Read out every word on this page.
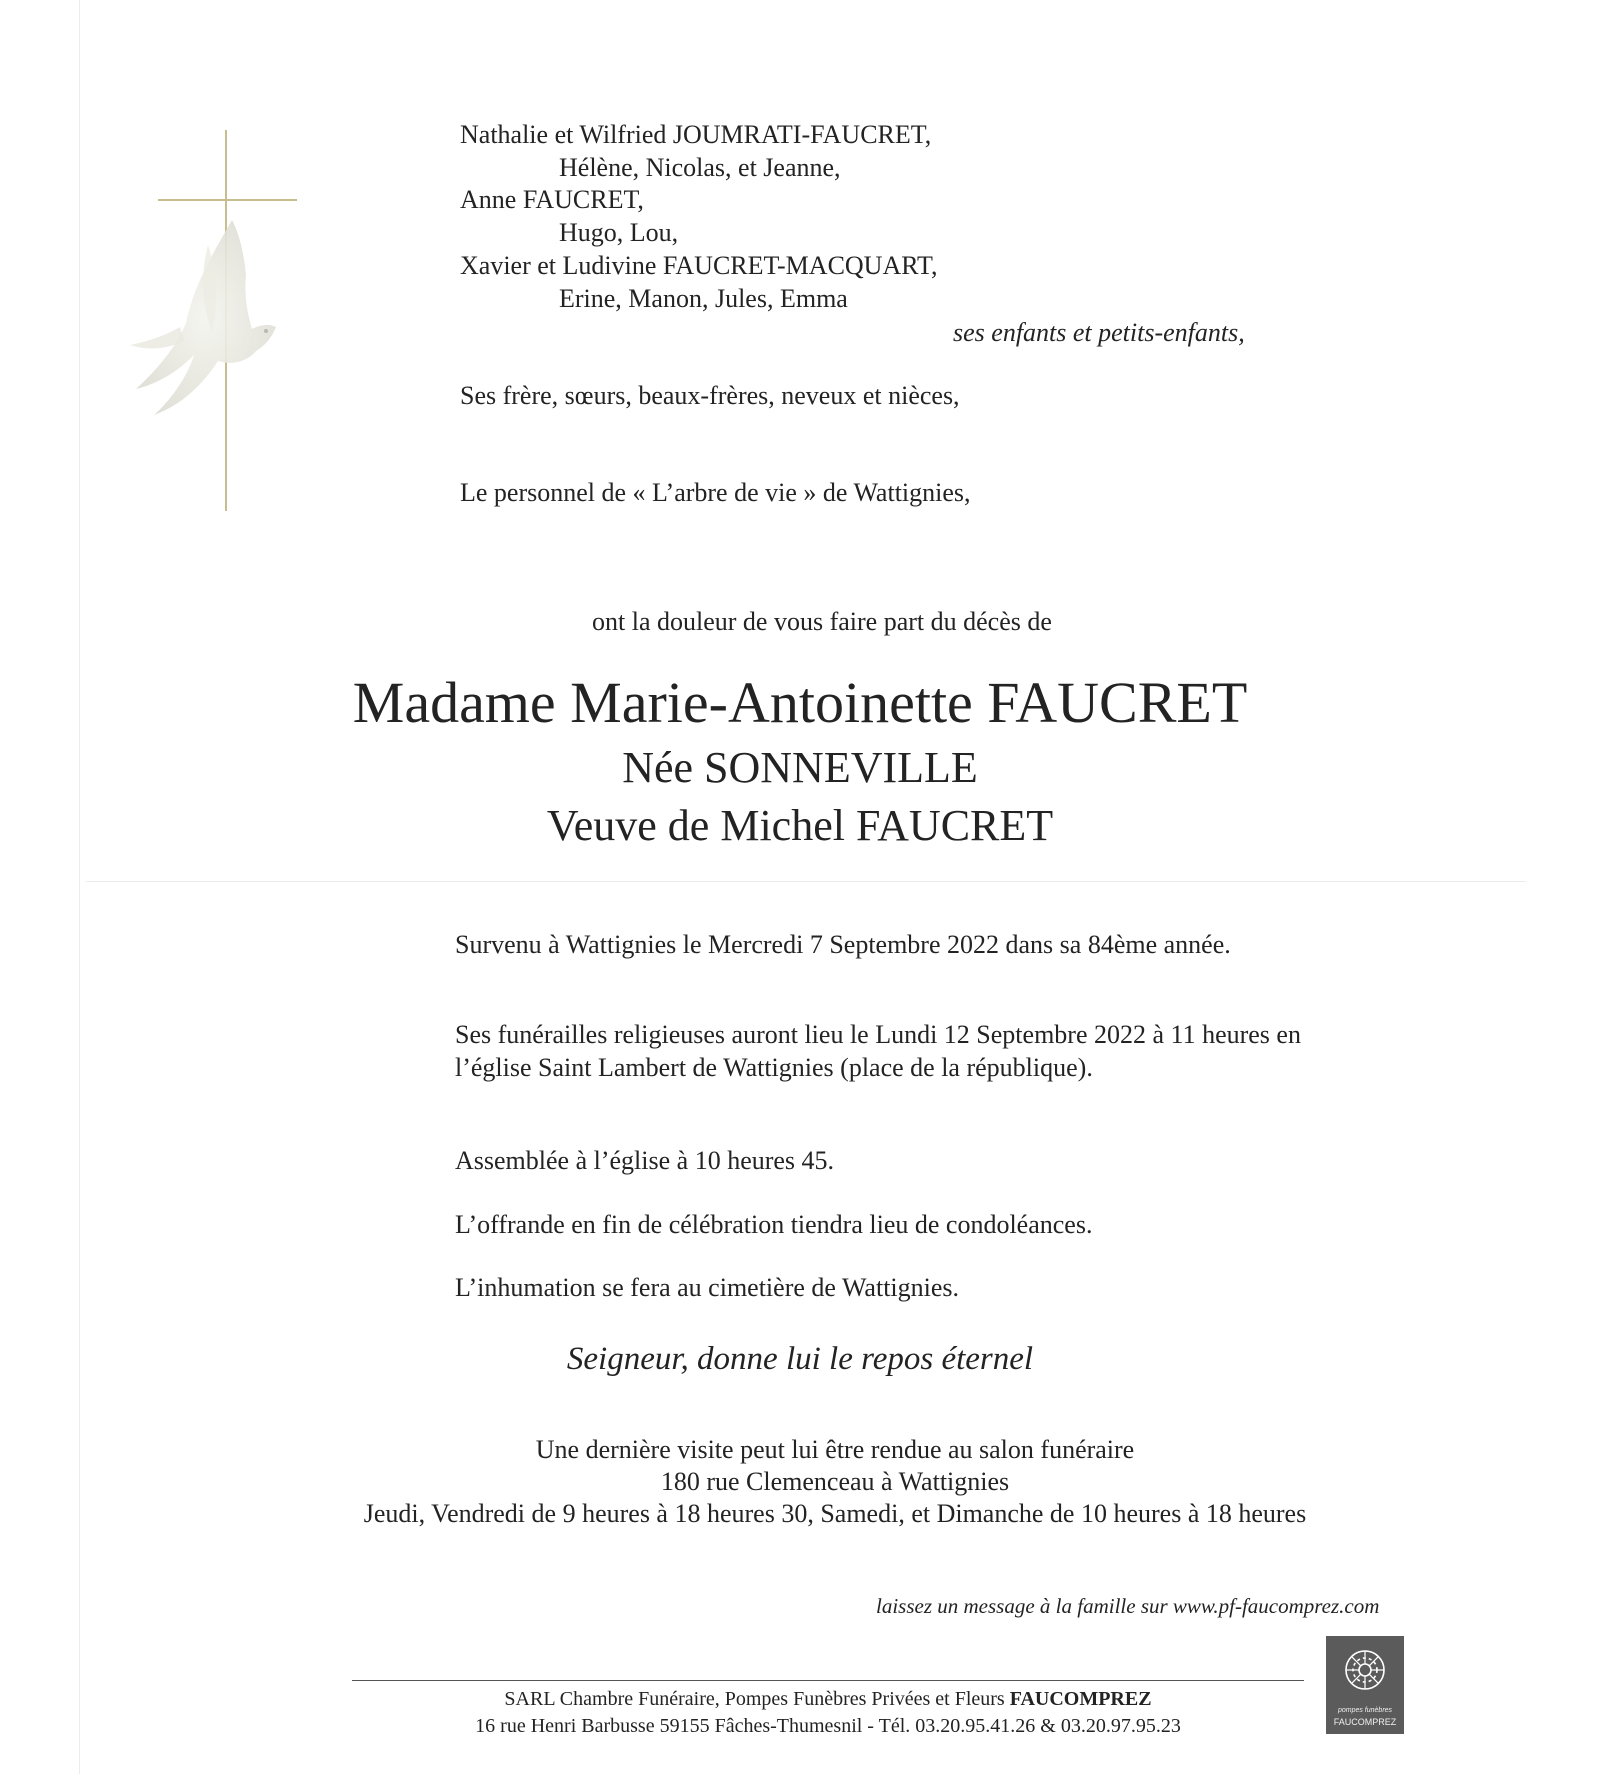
Nathalie et Wilfried JOUMRATI-FAUCRET,
Hélène, Nicolas, et Jeanne,
Anne FAUCRET,
Hugo, Lou,
Xavier et Ludivine FAUCRET-MACQUART,
Erine, Manon, Jules, Emma
ses enfants et petits-enfants,
Ses frère, sœurs, beaux-frères, neveux et nièces,
Le personnel de « L’arbre de vie » de Wattignies,
ont la douleur de vous faire part du décès de
Madame Marie-Antoinette FAUCRET
Née SONNEVILLE
Veuve de Michel FAUCRET
Survenu à Wattignies le Mercredi 7 Septembre 2022 dans sa 84ème année.
Ses funérailles religieuses auront lieu le Lundi 12 Septembre 2022 à 11 heures en
l’église Saint Lambert de Wattignies (place de la république).
Assemblée à l’église à 10 heures 45.
L’offrande en fin de célébration tiendra lieu de condoléances.
L’inhumation se fera au cimetière de Wattignies.
Seigneur, donne lui le repos éternel
Une dernière visite peut lui être rendue au salon funéraire
180 rue Clemenceau à Wattignies
Jeudi, Vendredi de 9 heures à 18 heures 30, Samedi, et Dimanche de 10 heures à 18 heures
laissez un message à la famille sur www.pf-faucomprez.com
SARL Chambre Funéraire, Pompes Funèbres Privées et Fleurs FAUCOMPREZ
16 rue Henri Barbusse 59155 Fâches-Thumesnil - Tél. 03.20.95.41.26 & 03.20.97.95.23
pompes funèbres
FAUCOMPREZ
